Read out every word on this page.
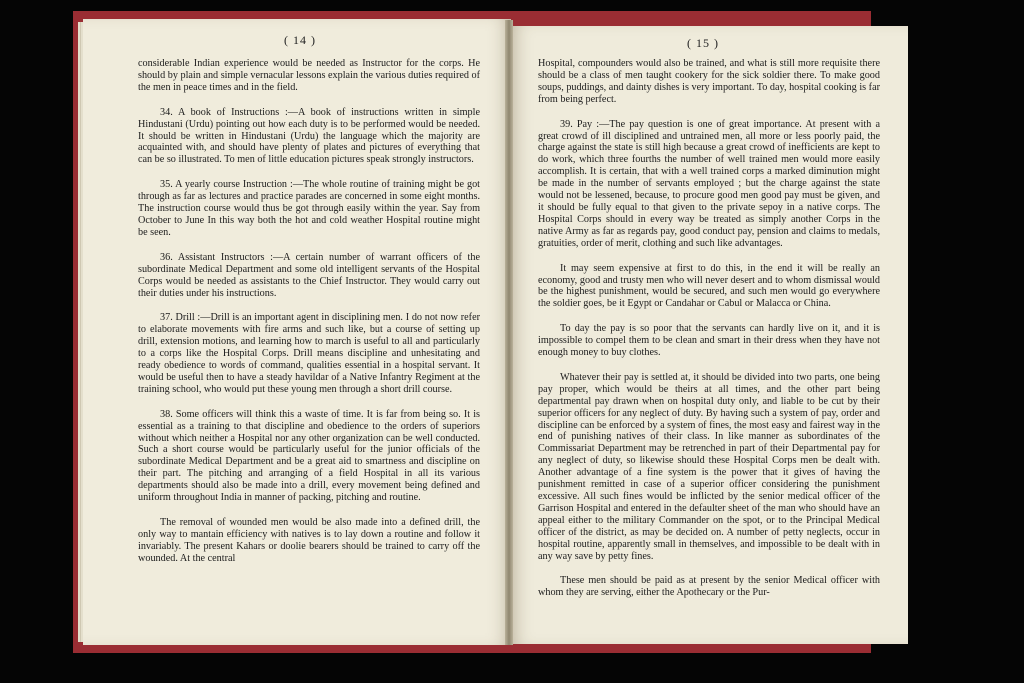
( 14 )	( 15 )

considerable Indian experience would be needed as Instructor for the corps. He should by plain and simple vernacular lessons explain the various duties required of the men in peace times and in the field.

34. A book of Instructions :—A book of instructions written in simple Hindustani (Urdu) pointing out how each duty is to be performed would be needed. It should be written in Hindustani (Urdu) the language which the majority are acquainted with, and should have plenty of plates and pictures of everything that can be so illustrated. To men of little education pictures speak strongly instructors.

35. A yearly course Instruction :—The whole routine of training might be got through as far as lectures and practice parades are concerned in some eight months. The instruction course would thus be got through easily within the year. Say from October to June In this way both the hot and cold weather Hospital routine might be seen.

36. Assistant Instructors :—A certain number of warrant officers of the subordinate Medical Department and some old intelligent servants of the Hospital Corps would be needed as assistants to the Chief Instructor. They would carry out their duties under his instructions.

37. Drill :—Drill is an important agent in disciplining men. I do not now refer to elaborate movements with fire arms and such like, but a course of setting up drill, extension motions, and learning how to march is useful to all and particularly to a corps like the Hospital Corps. Drill means discipline and unhesitating and ready obedience to words of command, qualities essential in a hospital servant. It would be useful then to have a steady havildar of a Native Infantry Regiment at the training school, who would put these young men through a short drill course.

38. Some officers will think this a waste of time. It is far from being so. It is essential as a training to that discipline and obedience to the orders of superiors without which neither a Hospital nor any other organization can be well conducted. Such a short course would be particularly useful for the junior officials of the subordinate Medical Department and be a great aid to smartness and discipline on their part. The pitching and arranging of a field Hospital in all its various departments should also be made into a drill, every movement being defined and uniform throughout India in manner of packing, pitching and routine.

The removal of wounded men would be also made into a defined drill, the only way to mantain efficiency with natives is to lay down a routine and follow it invariably. The present Kahars or doolie bearers should be trained to carry off the wounded. At the central

Hospital, compounders would also be trained, and what is still more requisite there should be a class of men taught cookery for the sick soldier there. To make good soups, puddings, and dainty dishes is very important. To day, hospital cooking is far from being perfect.

39. Pay :—The pay question is one of great importance. At present with a great crowd of ill disciplined and untrained men, all more or less poorly paid, the charge against the state is still high because a great crowd of inefficients are kept to do work, which three fourths the number of well trained men would more easily accomplish. It is certain, that with a well trained corps a marked diminution might be made in the number of servants employed ; but the charge against the state would not be lessened, because, to procure good men good pay must be given, and it should be fully equal to that given to the private sepoy in a native corps. The Hospital Corps should in every way be treated as simply another Corps in the native Army as far as regards pay, good conduct pay, pension and claims to medals, gratuities, order of merit, clothing and such like advantages.

It may seem expensive at first to do this, in the end it will be really an economy, good and trusty men who will never desert and to whom dismissal would be the highest punishment, would be secured, and such men would go everywhere the soldier goes, be it Egypt or Candahar or Cabul or Malacca or China.

To day the pay is so poor that the servants can hardly live on it, and it is impossible to compel them to be clean and smart in their dress when they have not enough money to buy clothes.

Whatever their pay is settled at, it should be divided into two parts, one being pay proper, which would be theirs at all times, and the other part being departmental pay drawn when on hospital duty only, and liable to be cut by their superior officers for any neglect of duty. By having such a system of pay, order and discipline can be enforced by a system of fines, the most easy and fairest way in the end of punishing natives of their class. In like manner as subordinates of the Commissariat Department may be retrenched in part of their Departmental pay for any neglect of duty, so likewise should these Hospital Corps men be dealt with. Another advantage of a fine system is the power that it gives of having the punishment remitted in case of a superior officer considering the punishment excessive. All such fines would be inflicted by the senior medical officer of the Garrison Hospital and entered in the defaulter sheet of the man who should have an appeal either to the military Commander on the spot, or to the Principal Medical officer of the district, as may be decided on. A number of petty neglects, occur in hospital routine, apparently small in themselves, and impossible to be dealt with in any way save by petty fines.

These men should be paid as at present by the senior Medical officer with whom they are serving, either the Apothecary or the Pur-
